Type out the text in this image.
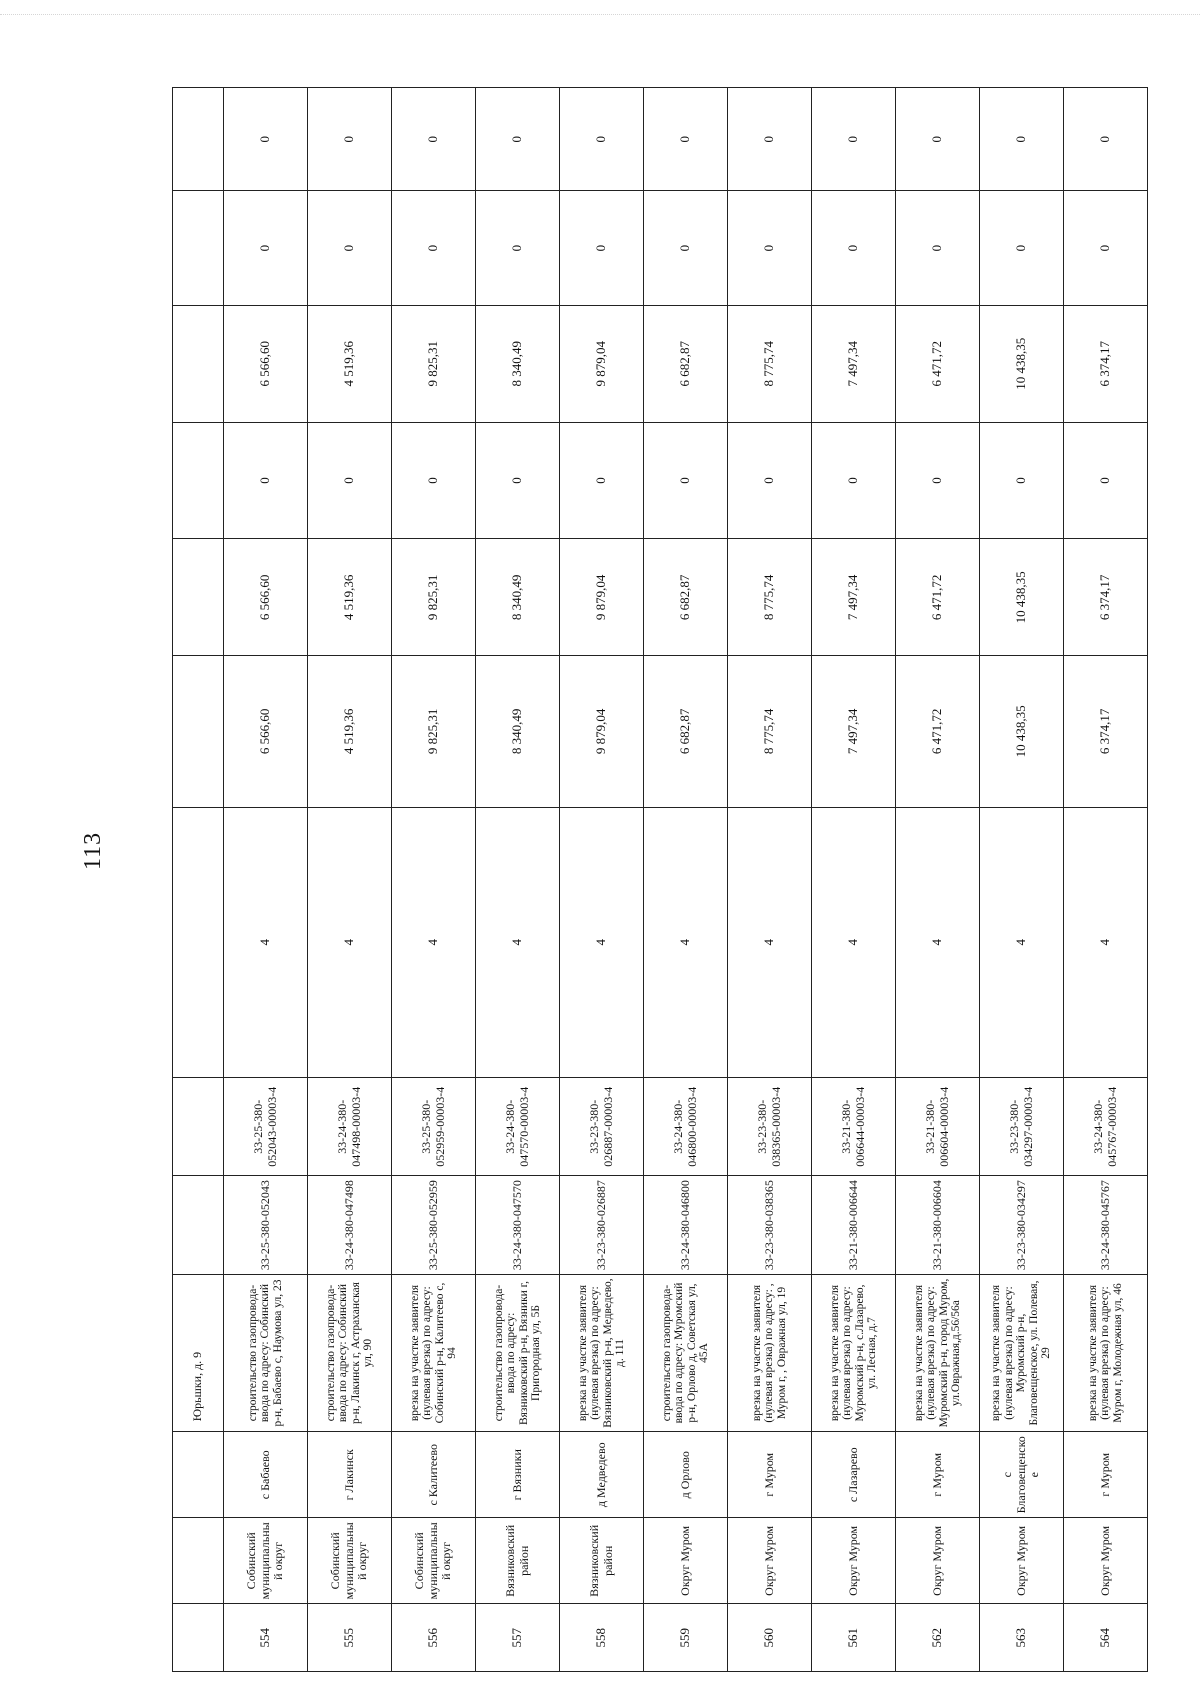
113
			Юрьшки, д. 9									
554	Собинский муниципальный округ	с Бабаево	строительство газопровода-ввода по адресу: Собинский р-н, Бабаево с, Наумова ул, 23	33-25-380-052043	33-25-380-052043-00003-4	4	6 566,60	6 566,60	0	6 566,60	0	0
555	Собинский муниципальный округ	г Лакинск	строительство газопровода-ввода по адресу: Собинский р-н, Лакинск г, Астраханская ул, 90	33-24-380-047498	33-24-380-047498-00003-4	4	4 519,36	4 519,36	0	4 519,36	0	0
556	Собинский муниципальный округ	с Калитеево	врезка на участке заявителя (нулевая врезка) по адресу: Собинский р-н, Калитеево с, 94	33-25-380-052959	33-25-380-052959-00003-4	4	9 825,31	9 825,31	0	9 825,31	0	0
557	Вязниковский район	г Вязники	строительство газопровода-ввода по адресу: Вязниковский р-н, Вязники г, Пригородная ул, 5Б	33-24-380-047570	33-24-380-047570-00003-4	4	8 340,49	8 340,49	0	8 340,49	0	0
558	Вязниковский район	д Медведево	врезка на участке заявителя (нулевая врезка) по адресу: Вязниковский р-н, Медведево, д. 111	33-23-380-026887	33-23-380-026887-00003-4	4	9 879,04	9 879,04	0	9 879,04	0	0
559	Округ Муром	д Орлово	строительство газопровода-ввода по адресу: Муромский р-н, Орлово д, Советская ул, 45А	33-24-380-046800	33-24-380-046800-00003-4	4	6 682,87	6 682,87	0	6 682,87	0	0
560	Округ Муром	г Муром	врезка на участке заявителя (нулевая врезка) по адресу: , Муром г, , Овражная ул, 19	33-23-380-038365	33-23-380-038365-00003-4	4	8 775,74	8 775,74	0	8 775,74	0	0
561	Округ Муром	с Лазарево	врезка на участке заявителя (нулевая врезка) по адресу: Муромский р-н, с.Лазарево, ул. Лесная, д.7	33-21-380-006644	33-21-380-006644-00003-4	4	7 497,34	7 497,34	0	7 497,34	0	0
562	Округ Муром	г Муром	врезка на участке заявителя (нулевая врезка) по адресу: Муромский р-н, город Муром, ул.Овражная,д.56/56а	33-21-380-006604	33-21-380-006604-00003-4	4	6 471,72	6 471,72	0	6 471,72	0	0
563	Округ Муром	с Благовещенское	врезка на участке заявителя (нулевая врезка) по адресу: Муромский р-н, Благовещенское, ул. Полевая, 29	33-23-380-034297	33-23-380-034297-00003-4	4	10 438,35	10 438,35	0	10 438,35	0	0
564	Округ Муром	г Муром	врезка на участке заявителя (нулевая врезка) по адресу: Муром г, Молодежная ул, 46	33-24-380-045767	33-24-380-045767-00003-4	4	6 374,17	6 374,17	0	6 374,17	0	0
